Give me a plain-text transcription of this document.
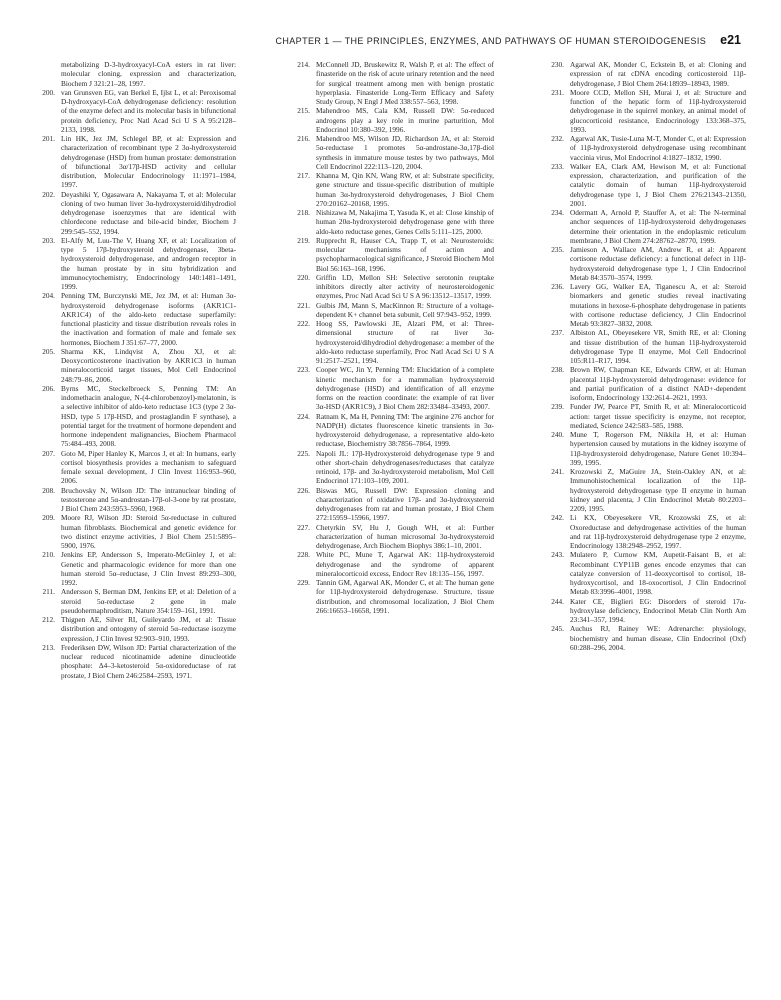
CHAPTER 1 — THE PRINCIPLES, ENZYMES, AND PATHWAYS OF HUMAN STEROIDOGENESIS e21
metabolizing D-3-hydroxyacyl-CoA esters in rat liver: molecular cloning, expression and characterization, Biochem J 321:21–28, 1997.
200. van Grunsven EG, van Berkel E, Ijlst L, et al: Peroxisomal D-hydroxyacyl-CoA dehydrogenase deficiency: resolution of the enzyme defect and its molecular basis in bifunctional protein deficiency, Proc Natl Acad Sci U S A 95:2128–2133, 1998.
201. Lin HK, Jez JM, Schlegel BP, et al: Expression and characterization of recombinant type 2 3α-hydroxysteroid dehydrogenase (HSD) from human prostate: demonstration of bifunctional 3α/17β-HSD activity and cellular distribution, Molecular Endocrinology 11:1971–1984, 1997.
202. Deyashiki Y, Ogasawara A, Nakayama T, et al: Molecular cloning of two human liver 3α-hydroxysteroid/dihydrodiol dehydrogenase isoenzymes that are identical with chlordecone reductase and bile-acid binder, Biochem J 299:545–552, 1994.
203. El-Alfy M, Luu-The V, Huang XF, et al: Localization of type 5 17β-hydroxysteroid dehydrogenase, 3beta-hydroxysteroid dehydrogenase, and androgen receptor in the human prostate by in situ hybridization and immunocytochemistry, Endocrinology 140:1481–1491, 1999.
204. Penning TM, Burczynski ME, Jez JM, et al: Human 3α-hydroxysteroid dehydrogenase isoforms (AKR1C1-AKR1C4) of the aldo-keto reductase superfamily: functional plasticity and tissue distribution reveals roles in the inactivation and formation of male and female sex hormones, Biochem J 351:67–77, 2000.
205. Sharma KK, Lindqvist A, Zhou XJ, et al: Deoxycorticosterone inactivation by AKR1C3 in human mineralocorticoid target tissues, Mol Cell Endocrinol 248:79–86, 2006.
206. Byrns MC, Steckelbroeck S, Penning TM: An indomethacin analogue, N-(4-chlorobenzoyl)-melatonin, is a selective inhibitor of aldo-keto reductase 1C3 (type 2 3α-HSD, type 5 17β-HSD, and prostaglandin F synthase), a potential target for the treatment of hormone dependent and hormone independent malignancies, Biochem Pharmacol 75:484–493, 2008.
207. Goto M, Piper Hanley K, Marcos J, et al: In humans, early cortisol biosynthesis provides a mechanism to safeguard female sexual development, J Clin Invest 116:953–960, 2006.
208. Bruchovsky N, Wilson JD: The intranuclear binding of testosterone and 5α-androstan-17β-ol-3-one by rat prostate, J Biol Chem 243:5953–5960, 1968.
209. Moore RJ, Wilson JD: Steroid 5α-reductase in cultured human fibroblasts. Biochemical and genetic evidence for two distinct enzyme activities, J Biol Chem 251:5895–5900, 1976.
210. Jenkins EP, Andersson S, Imperato-McGinley J, et al: Genetic and pharmacologic evidence for more than one human steroid 5α–reductase, J Clin Invest 89:293–300, 1992.
211. Andersson S, Berman DM, Jenkins EP, et al: Deletion of a steroid 5α-reductase 2 gene in male pseudohermaphroditism, Nature 354:159–161, 1991.
212. Thigpen AE, Silver RI, Guileyardo JM, et al: Tissue distribution and ontogeny of steroid 5α–reductase isozyme expression, J Clin Invest 92:903–910, 1993.
213. Frederiksen DW, Wilson JD: Partial characterization of the nuclear reduced nicotinamide adenine dinucleotide phosphate: Δ4–3-ketosteroid 5α-oxidoreductase of rat prostate, J Biol Chem 246:2584–2593, 1971.
214. McConnell JD, Bruskewitz R, Walsh P, et al: The effect of finasteride on the risk of acute urinary retention and the need for surgical treatment among men with benign prostatic hyperplasia. Finasteride Long-Term Efficacy and Safety Study Group, N Engl J Med 338:557–563, 1998.
215. Mahendroo MS, Cala KM, Russell DW: 5α-reduced androgens play a key role in murine parturition, Mol Endocrinol 10:380–392, 1996.
216. Mahendroo MS, Wilson JD, Richardson JA, et al: Steroid 5α-reductase 1 promotes 5α-androstane-3α,17β-diol synthesis in immature mouse testes by two pathways, Mol Cell Endocrinol 222:113–120, 2004.
217. Khanna M, Qin KN, Wang RW, et al: Substrate specificity, gene structure and tissue-specific distribution of multiple human 3α-hydroxysteroid dehydrogenases, J Biol Chem 270:20162–20168, 1995.
218. Nishizawa M, Nakajima T, Yasuda K, et al: Close kinship of human 20α-hydroxysteroid dehydrogenase gene with three aldo-keto reductase genes, Genes Cells 5:111–125, 2000.
219. Rupprecht R, Hauser CA, Trapp T, et al: Neurosteroids: molecular mechanisms of action and psychopharmacological significance, J Steroid Biochem Mol Biol 56:163–168, 1996.
220. Griffin LD, Mellon SH: Selective serotonin reuptake inhibitors directly alter activity of neurosteroidogenic enzymes, Proc Natl Acad Sci U S A 96:13512–13517, 1999.
221. Gulbis JM, Mann S, MacKinnon R: Structure of a voltage-dependent K+ channel beta subunit, Cell 97:943–952, 1999.
222. Hoog SS, Pawlowski JE, Alzari PM, et al: Three-dimensional structure of rat liver 3α- hydroxysteroid/dihydrodiol dehydrogenase: a member of the aldo-keto reductase superfamily, Proc Natl Acad Sci U S A 91:2517–2521, 1994.
223. Cooper WC, Jin Y, Penning TM: Elucidation of a complete kinetic mechanism for a mammalian hydroxysteroid dehydrogenase (HSD) and identification of all enzyme forms on the reaction coordinate: the example of rat liver 3α-HSD (AKR1C9), J Biol Chem 282:33484–33493, 2007.
224. Ratnam K, Ma H, Penning TM: The arginine 276 anchor for NADP(H) dictates fluorescence kinetic transients in 3α-hydroxysteroid dehydrogenase, a representative aldo-keto reductase, Biochemistry 38:7856–7864, 1999.
225. Napoli JL: 17β-Hydroxysteroid dehydrogenase type 9 and other short-chain dehydrogenases/reductases that catalyze retinoid, 17β- and 3α-hydroxysteroid metabolism, Mol Cell Endocrinol 171:103–109, 2001.
226. Biswas MG, Russell DW: Expression cloning and characterization of oxidative 17β- and 3α-hydroxysteroid dehydrogenases from rat and human prostate, J Biol Chem 272:15959–15966, 1997.
227. Chetyrkin SV, Hu J, Gough WH, et al: Further characterization of human microsomal 3α-hydroxysteroid dehydrogenase, Arch Biochem Biophys 386:1–10, 2001.
228. White PC, Mune T, Agarwal AK: 11β-hydroxysteroid dehydrogenase and the syndrome of apparent mineralocorticoid excess, Endocr Rev 18:135–156, 1997.
229. Tannin GM, Agarwal AK, Monder C, et al: The human gene for 11β-hydroxysteroid dehydrogenase. Structure, tissue distribution, and chromosomal localization, J Biol Chem 266:16653–16658, 1991.
230. Agarwal AK, Monder C, Eckstein B, et al: Cloning and expression of rat cDNA encoding corticosteroid 11β-dehydrogenase, J Biol Chem 264:18939–18943, 1989.
231. Moore CCD, Mellon SH, Murai J, et al: Structure and function of the hepatic form of 11β-hydroxysteroid dehydrogenase in the squirrel monkey, an animal model of glucocorticoid resistance, Endocrinology 133:368–375, 1993.
232. Agarwal AK, Tusie-Luna M-T, Monder C, et al: Expression of 11β-hydroxysteroid dehydrogenase using recombinant vaccinia virus, Mol Endocrinol 4:1827–1832, 1990.
233. Walker EA, Clark AM, Hewison M, et al: Functional expression, characterization, and purification of the catalytic domain of human 11β-hydroxysteroid dehydrogenase type 1, J Biol Chem 276:21343–21350, 2001.
234. Odermatt A, Arnold P, Stauffer A, et al: The N-terminal anchor sequences of 11β-hydroxysteroid dehydrogenases determine their orientation in the endoplasmic reticulum membrane, J Biol Chem 274:28762–28770, 1999.
235. Jamieson A, Wallace AM, Andrew R, et al: Apparent cortisone reductase deficiency: a functional defect in 11β-hydroxysteroid dehydrogenase type 1, J Clin Endocrinol Metab 84:3570–3574, 1999.
236. Lavery GG, Walker EA, Tiganescu A, et al: Steroid biomarkers and genetic studies reveal inactivating mutations in hexose-6-phosphate dehydrogenase in patients with cortisone reductase deficiency, J Clin Endocrinol Metab 93:3827–3832, 2008.
237. Albiston AL, Obeyesekere VR, Smith RE, et al: Cloning and tissue distribution of the human 11β-hydroxysteroid dehydrogenase Type II enzyme, Mol Cell Endocrinol 105:R11–R17, 1994.
238. Brown RW, Chapman KE, Edwards CRW, et al: Human placental 11β-hydroxysteroid dehydrogenase: evidence for and partial purification of a distinct NAD+-dependent isoform, Endocrinology 132:2614–2621, 1993.
239. Funder JW, Pearce PT, Smith R, et al: Mineralocorticoid action: target tissue specificity is enzyme, not receptor, mediated, Science 242:583–585, 1988.
240. Mune T, Rogerson FM, Nikkila H, et al: Human hypertension caused by mutations in the kidney isozyme of 11β-hydroxysteroid dehydrogenase, Nature Genet 10:394–399, 1995.
241. Krozowski Z, MaGuire JA, Stein-Oakley AN, et al: Immunohistochemical localization of the 11β-hydroxysteroid dehydrogenase type II enzyme in human kidney and placenta, J Clin Endocrinol Metab 80:2203–2209, 1995.
242. Li KX, Obeyesekere VR, Krozowski ZS, et al: Oxoreductase and dehydrogenase activities of the human and rat 11β-hydroxysteroid dehydrogenase type 2 enzyme, Endocrinology 138:2948–2952, 1997.
243. Mulatero P, Curnow KM, Aupetit-Faisant B, et al: Recombinant CYP11B genes encode enzymes that can catalyze conversion of 11-deoxycortisol to cortisol, 18-hydroxycortisol, and 18-oxocortisol, J Clin Endocrinol Metab 83:3996–4001, 1998.
244. Kater CE, Biglieri EG: Disorders of steroid 17α-hydroxylase deficiency, Endocrinol Metab Clin North Am 23:341–357, 1994.
245. Auchus RJ, Rainey WE: Adrenarche: physiology, biochemistry and human disease, Clin Endocrinol (Oxf) 60:288–296, 2004.
